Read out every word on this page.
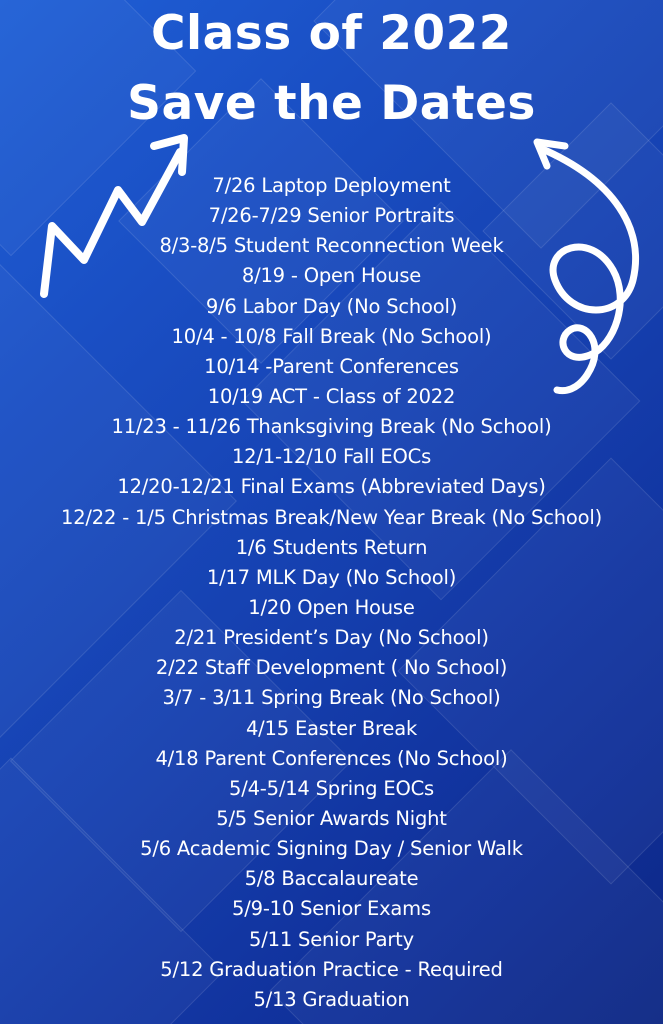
Class of 2022
Save the Dates
7/26 Laptop Deployment
7/26-7/29 Senior Portraits
8/3-8/5 Student Reconnection Week
8/19 - Open House
9/6 Labor Day (No School)
10/4 - 10/8 Fall Break (No School)
10/14 -Parent Conferences
10/19 ACT - Class of 2022
11/23 - 11/26 Thanksgiving Break (No School)
12/1-12/10 Fall EOCs
12/20-12/21 Final Exams (Abbreviated Days)
12/22 - 1/5 Christmas Break/New Year Break (No School)
1/6 Students Return
1/17 MLK Day (No School)
1/20 Open House
2/21 President’s Day (No School)
2/22 Staff Development ( No School)
3/7 - 3/11 Spring Break (No School)
4/15 Easter Break
4/18 Parent Conferences (No School)
5/4-5/14 Spring EOCs
5/5 Senior Awards Night
5/6 Academic Signing Day / Senior Walk
5/8 Baccalaureate
5/9-10 Senior Exams
5/11 Senior Party
5/12 Graduation Practice - Required
5/13 Graduation
